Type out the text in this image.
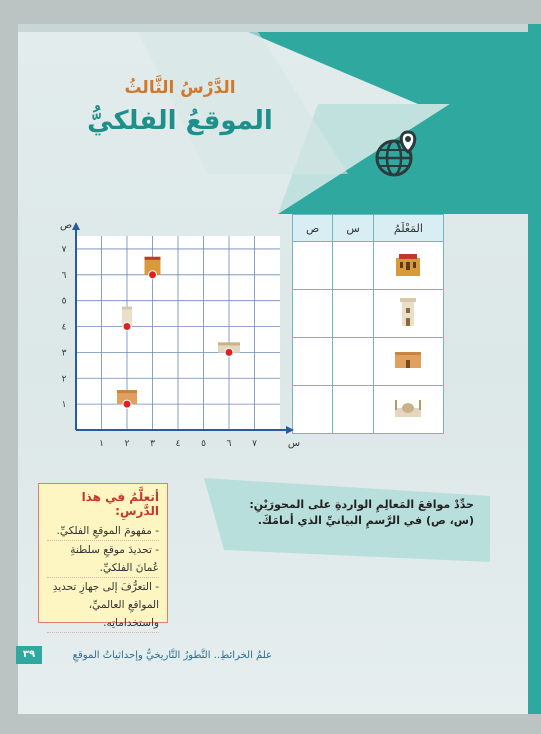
الدَّرْسُ الثَّالثُ
الموقعُ الفلكيُّ
ص	س	المَعْلَمُ

١ ٢ ٣ ٤ ٥ ٦ ٧
١
٢
٣
٤
٥
٦
٧
س
ص
أتعلَّمُ في هذا الدَّرسِ:
- مفهومَ الموقعِ الفلكيِّ.
- تحديدَ موقعِ سلطنةِ عُمانَ الفلكيِّ.
- التعرُّفَ إلى جهازِ تحديدِ المواقعِ العالميِّ، واستخداماتِه.
حدِّدْ مواقعَ المَعالِمِ الواردةِ على المحورَيْنِ:
(س، ص) في الرَّسمِ البيانيِّ الذي أمامَكَ.
٣٩	علمُ الخرائطِ.. التَّطورُ التَّاريخيُّ وإحداثياتُ الموقعِ
